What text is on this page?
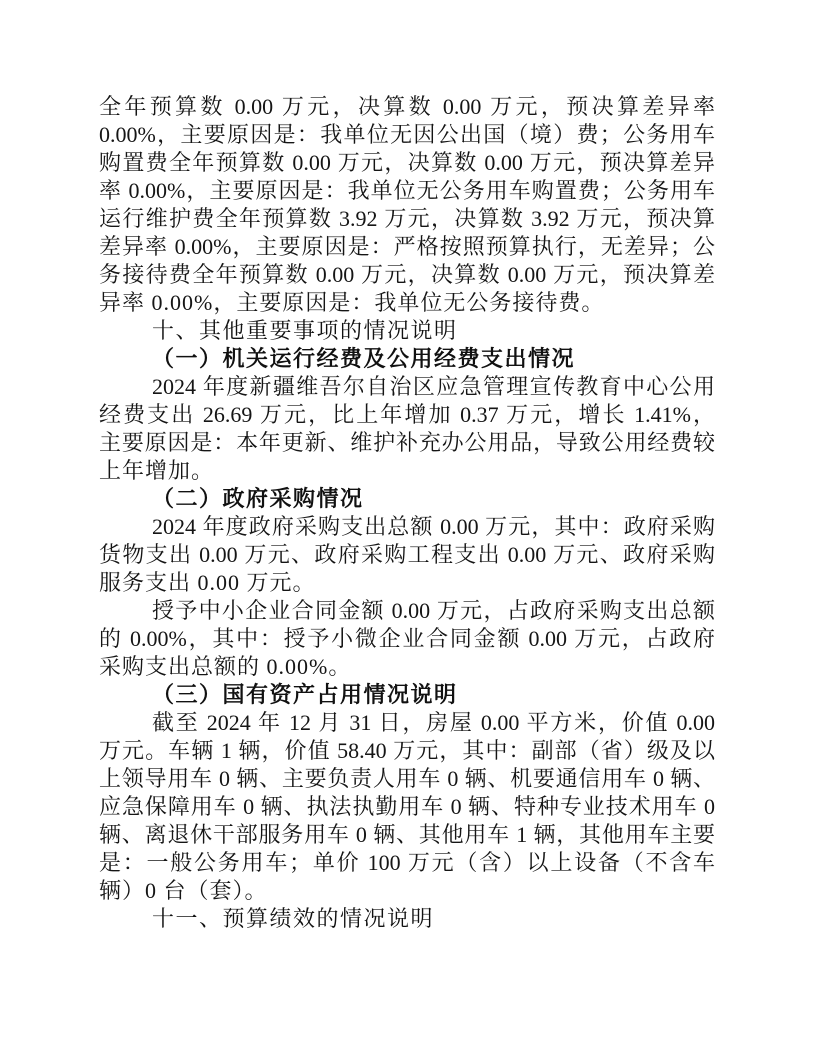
全年预算数 0.00 万元，决算数 0.00 万元，预决算差异率
0.00%，主要原因是：我单位无因公出国（境）费；公务用车
购置费全年预算数 0.00 万元，决算数 0.00 万元，预决算差异
率 0.00%，主要原因是：我单位无公务用车购置费；公务用车
运行维护费全年预算数 3.92 万元，决算数 3.92 万元，预决算
差异率 0.00%，主要原因是：严格按照预算执行，无差异；公
务接待费全年预算数 0.00 万元，决算数 0.00 万元，预决算差
异率 0.00%，主要原因是：我单位无公务接待费。
十、其他重要事项的情况说明
（一）机关运行经费及公用经费支出情况
2024 年度新疆维吾尔自治区应急管理宣传教育中心公用
经费支出 26.69 万元，比上年增加 0.37 万元，增长 1.41%，
主要原因是：本年更新、维护补充办公用品，导致公用经费较
上年增加。
（二）政府采购情况
2024 年度政府采购支出总额 0.00 万元，其中：政府采购
货物支出 0.00 万元、政府采购工程支出 0.00 万元、政府采购
服务支出 0.00 万元。
授予中小企业合同金额 0.00 万元，占政府采购支出总额
的 0.00%，其中：授予小微企业合同金额 0.00 万元，占政府
采购支出总额的 0.00%。
（三）国有资产占用情况说明
截至 2024 年 12 月 31 日，房屋 0.00 平方米，价值 0.00
万元。车辆 1 辆，价值 58.40 万元，其中：副部（省）级及以
上领导用车 0 辆、主要负责人用车 0 辆、机要通信用车 0 辆、
应急保障用车 0 辆、执法执勤用车 0 辆、特种专业技术用车 0
辆、离退休干部服务用车 0 辆、其他用车 1 辆，其他用车主要
是：一般公务用车；单价 100 万元（含）以上设备（不含车
辆）0 台（套）。
十一、预算绩效的情况说明
